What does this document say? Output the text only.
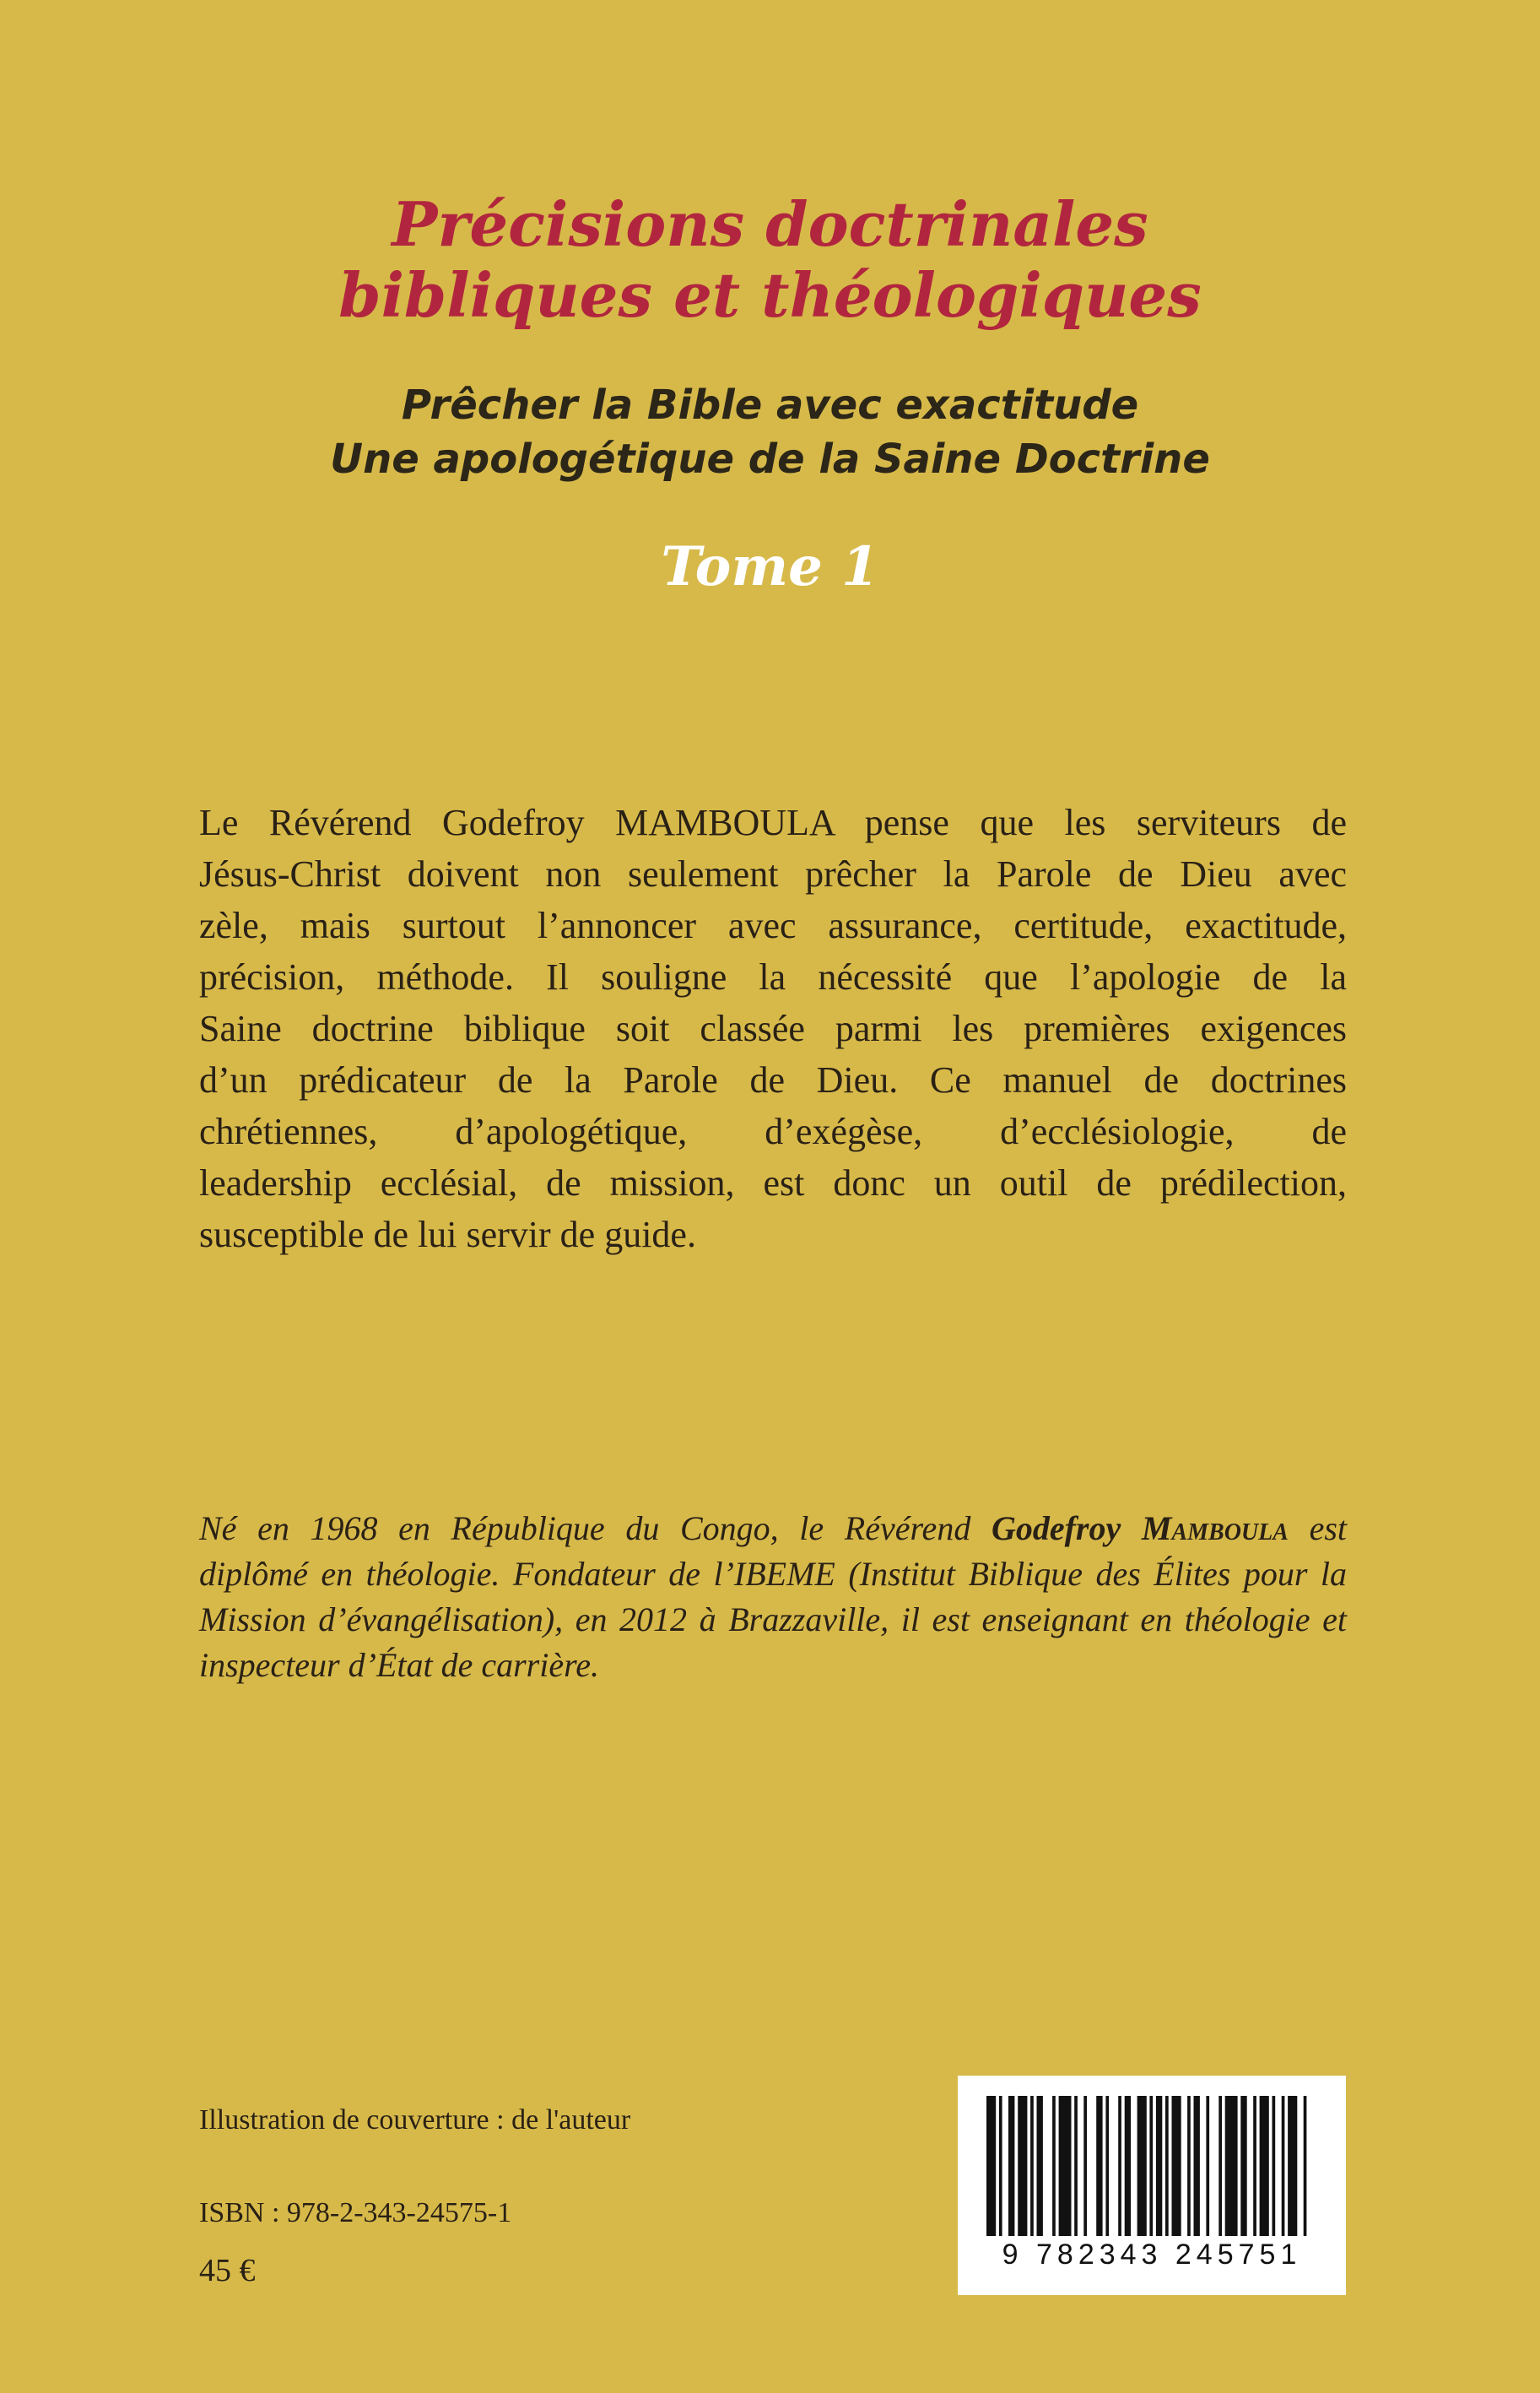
Précisions doctrinales
bibliques et théologiques
Prêcher la Bible avec exactitude
Une apologétique de la Saine Doctrine
Tome 1

Le Révérend Godefroy MAMBOULA pense que les serviteurs de
Jésus-Christ doivent non seulement prêcher la Parole de Dieu avec
zèle, mais surtout l’annoncer avec assurance, certitude, exactitude,
précision, méthode. Il souligne la nécessité que l’apologie de la
Saine doctrine biblique soit classée parmi les premières exigences
d’un prédicateur de la Parole de Dieu. Ce manuel de doctrines
chrétiennes, d’apologétique, d’exégèse, d’ecclésiologie, de
leadership ecclésial, de mission, est donc un outil de prédilection,
susceptible de lui servir de guide.

Né en 1968 en République du Congo, le Révérend Godefroy Mamboula est
diplômé en théologie. Fondateur de l’IBEME (Institut Biblique des Élites pour la
Mission d’évangélisation), en 2012 à Brazzaville, il est enseignant en théologie et
inspecteur d’État de carrière.

Illustration de couverture : de l'auteur
ISBN : 978-2-343-24575-1
45 €	9 782343 245751
